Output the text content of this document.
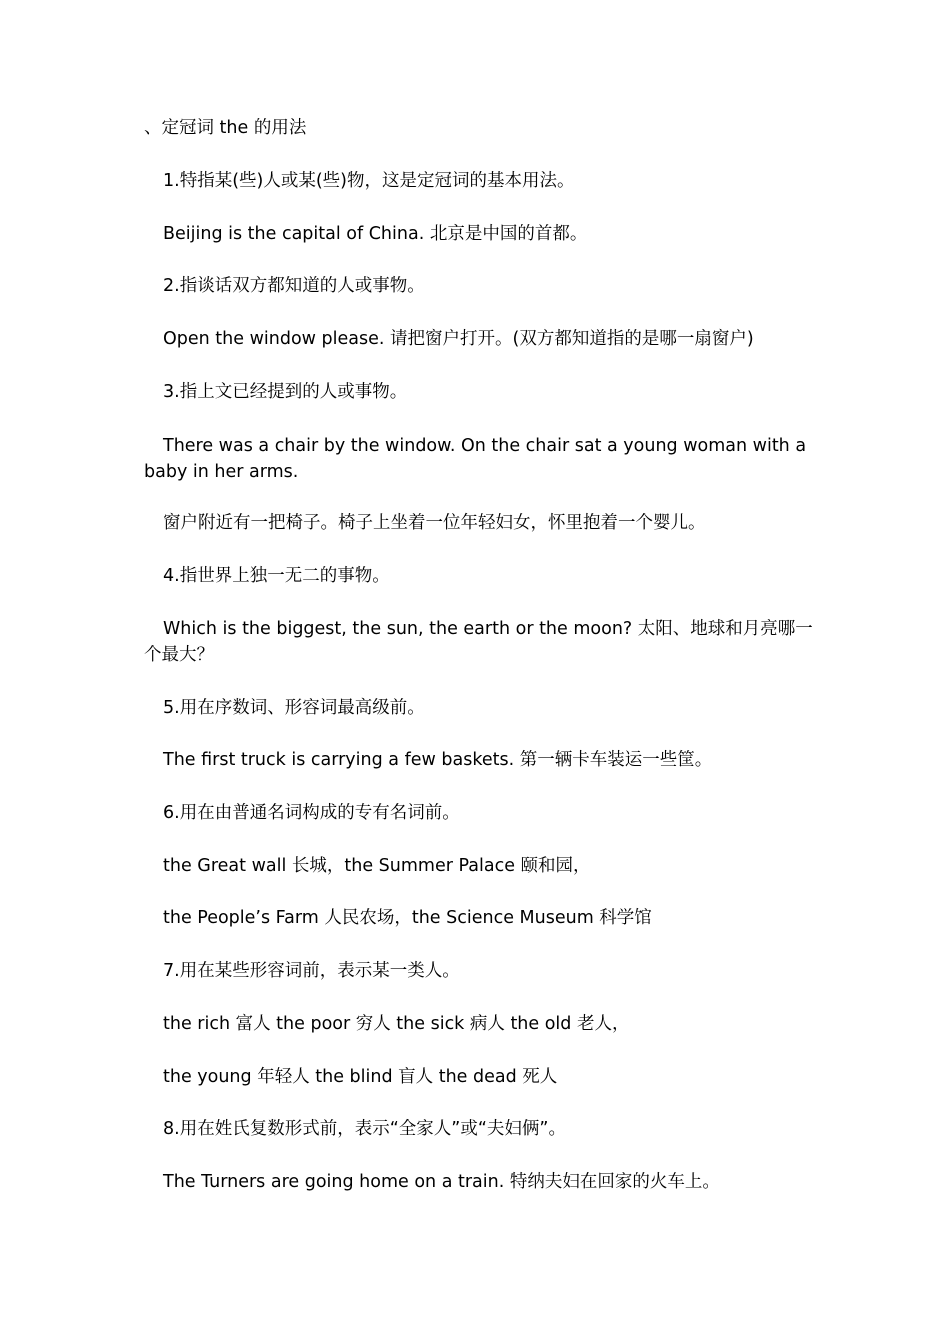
、定冠词 the 的用法
1.特指某(些)人或某(些)物，这是定冠词的基本用法。
Beijing is the capital of China. 北京是中国的首都。
2.指谈话双方都知道的人或事物。
Open the window please. 请把窗户打开。(双方都知道指的是哪一扇窗户)
3.指上文已经提到的人或事物。
There was a chair by the window. On the chair sat a young woman with a baby in her arms.
窗户附近有一把椅子。椅子上坐着一位年轻妇女，怀里抱着一个婴儿。
4.指世界上独一无二的事物。
Which is the biggest, the sun, the earth or the moon? 太阳、地球和月亮哪一个最大？
5.用在序数词、形容词最高级前。
The first truck is carrying a few baskets. 第一辆卡车装运一些筐。
6.用在由普通名词构成的专有名词前。
the Great wall 长城，the Summer Palace 颐和园，
the People’s Farm 人民农场，the Science Museum 科学馆
7.用在某些形容词前，表示某一类人。
the rich 富人 the poor 穷人 the sick 病人 the old 老人，
the young 年轻人 the blind 盲人 the dead 死人
8.用在姓氏复数形式前，表示“全家人”或“夫妇俩”。
The Turners are going home on a train. 特纳夫妇在回家的火车上。
